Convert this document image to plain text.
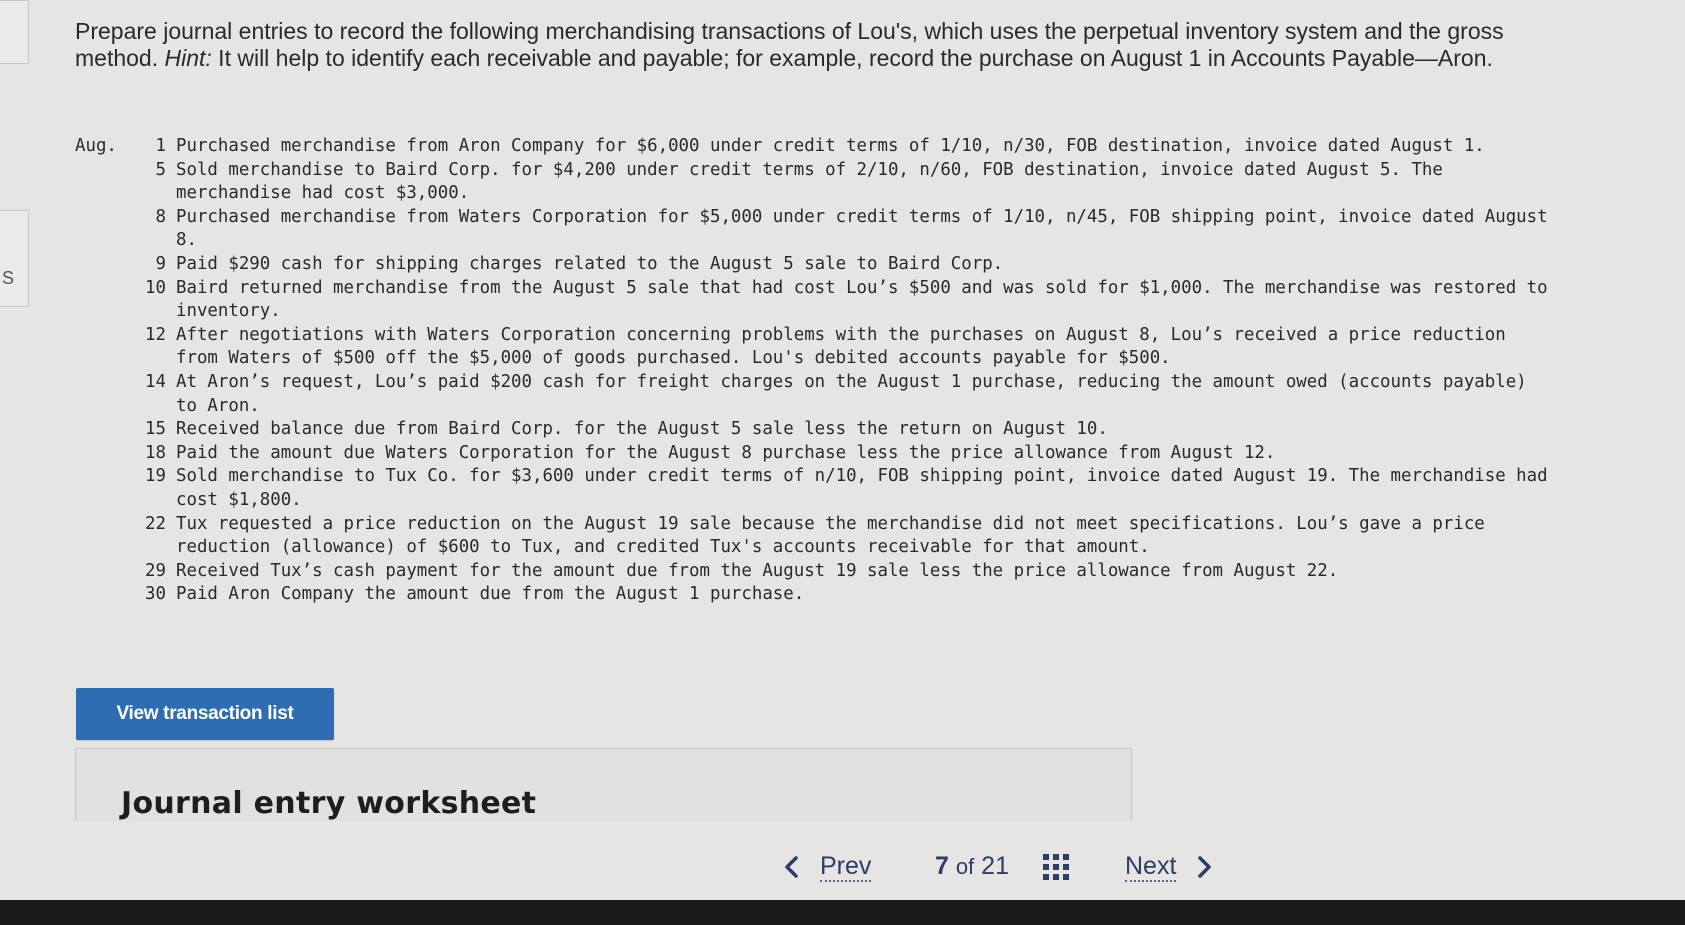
S
Prepare journal entries to record the following merchandising transactions of Lou's, which uses the perpetual inventory system and the gross method. Hint: It will help to identify each receivable and payable; for example, record the purchase on August 1 in Accounts Payable—Aron.
Aug.	1 Purchased merchandise from Aron Company for $6,000 under credit terms of 1/10, n/30, FOB destination, invoice dated August 1.
5 Sold merchandise to Baird Corp. for $4,200 under credit terms of 2/10, n/60, FOB destination, invoice dated August 5. The merchandise had cost $3,000.
8 Purchased merchandise from Waters Corporation for $5,000 under credit terms of 1/10, n/45, FOB shipping point, invoice dated August 8.
9 Paid $290 cash for shipping charges related to the August 5 sale to Baird Corp.
10 Baird returned merchandise from the August 5 sale that had cost Lou’s $500 and was sold for $1,000. The merchandise was restored to inventory.
12 After negotiations with Waters Corporation concerning problems with the purchases on August 8, Lou’s received a price reduction from Waters of $500 off the $5,000 of goods purchased. Lou's debited accounts payable for $500.
14 At Aron’s request, Lou’s paid $200 cash for freight charges on the August 1 purchase, reducing the amount owed (accounts payable) to Aron.
15 Received balance due from Baird Corp. for the August 5 sale less the return on August 10.
18 Paid the amount due Waters Corporation for the August 8 purchase less the price allowance from August 12.
19 Sold merchandise to Tux Co. for $3,600 under credit terms of n/10, FOB shipping point, invoice dated August 19. The merchandise had cost $1,800.
22 Tux requested a price reduction on the August 19 sale because the merchandise did not meet specifications. Lou’s gave a price reduction (allowance) of $600 to Tux, and credited Tux's accounts receivable for that amount.
29 Received Tux’s cash payment for the amount due from the August 19 sale less the price allowance from August 22.
30 Paid Aron Company the amount due from the August 1 purchase.
View transaction list
Journal entry worksheet
Prev	7 of 21	Next
